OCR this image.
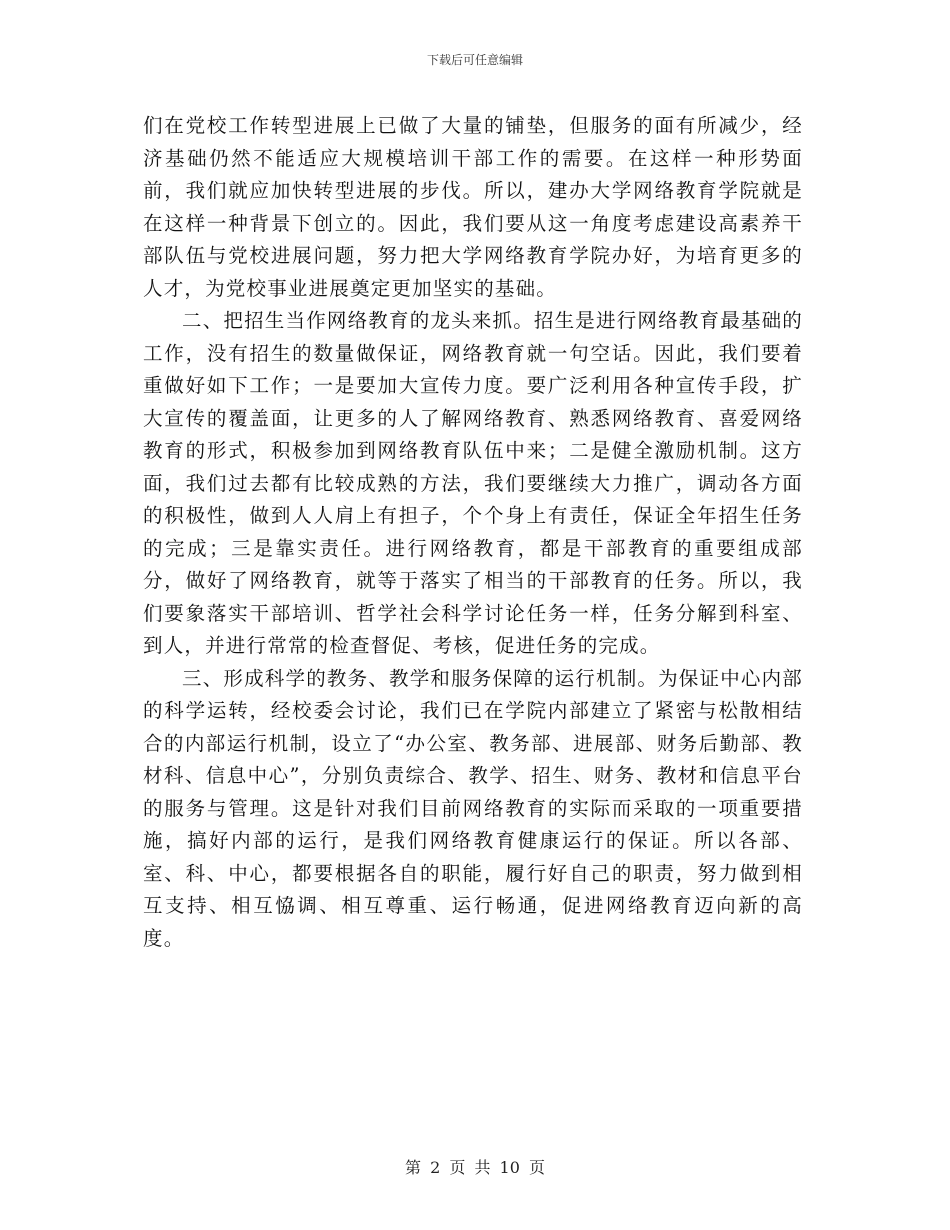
下载后可任意编辑

们在党校工作转型进展上已做了大量的铺垫，但服务的面有所减少，经济基础仍然不能适应大规模培训干部工作的需要。在这样一种形势面前，我们就应加快转型进展的步伐。所以，建办大学网络教育学院就是在这样一种背景下创立的。因此，我们要从这一角度考虑建设高素养干部队伍与党校进展问题，努力把大学网络教育学院办好，为培育更多的人才，为党校事业进展奠定更加坚实的基础。

二、把招生当作网络教育的龙头来抓。招生是进行网络教育最基础的工作，没有招生的数量做保证，网络教育就一句空话。因此，我们要着重做好如下工作；一是要加大宣传力度。要广泛利用各种宣传手段，扩大宣传的覆盖面，让更多的人了解网络教育、熟悉网络教育、喜爱网络教育的形式，积极参加到网络教育队伍中来；二是健全激励机制。这方面，我们过去都有比较成熟的方法，我们要继续大力推广，调动各方面的积极性，做到人人肩上有担子，个个身上有责任，保证全年招生任务的完成；三是靠实责任。进行网络教育，都是干部教育的重要组成部分，做好了网络教育，就等于落实了相当的干部教育的任务。所以，我们要象落实干部培训、哲学社会科学讨论任务一样，任务分解到科室、到人，并进行常常的检查督促、考核，促进任务的完成。

三、形成科学的教务、教学和服务保障的运行机制。为保证中心内部的科学运转，经校委会讨论，我们已在学院内部建立了紧密与松散相结合的内部运行机制，设立了“办公室、教务部、进展部、财务后勤部、教材科、信息中心”，分别负责综合、教学、招生、财务、教材和信息平台的服务与管理。这是针对我们目前网络教育的实际而采取的一项重要措施，搞好内部的运行，是我们网络教育健康运行的保证。所以各部、室、科、中心，都要根据各自的职能，履行好自己的职责，努力做到相互支持、相互恊调、相互尊重、运行畅通，促进网络教育迈向新的高度。

第 2 页 共 10 页
